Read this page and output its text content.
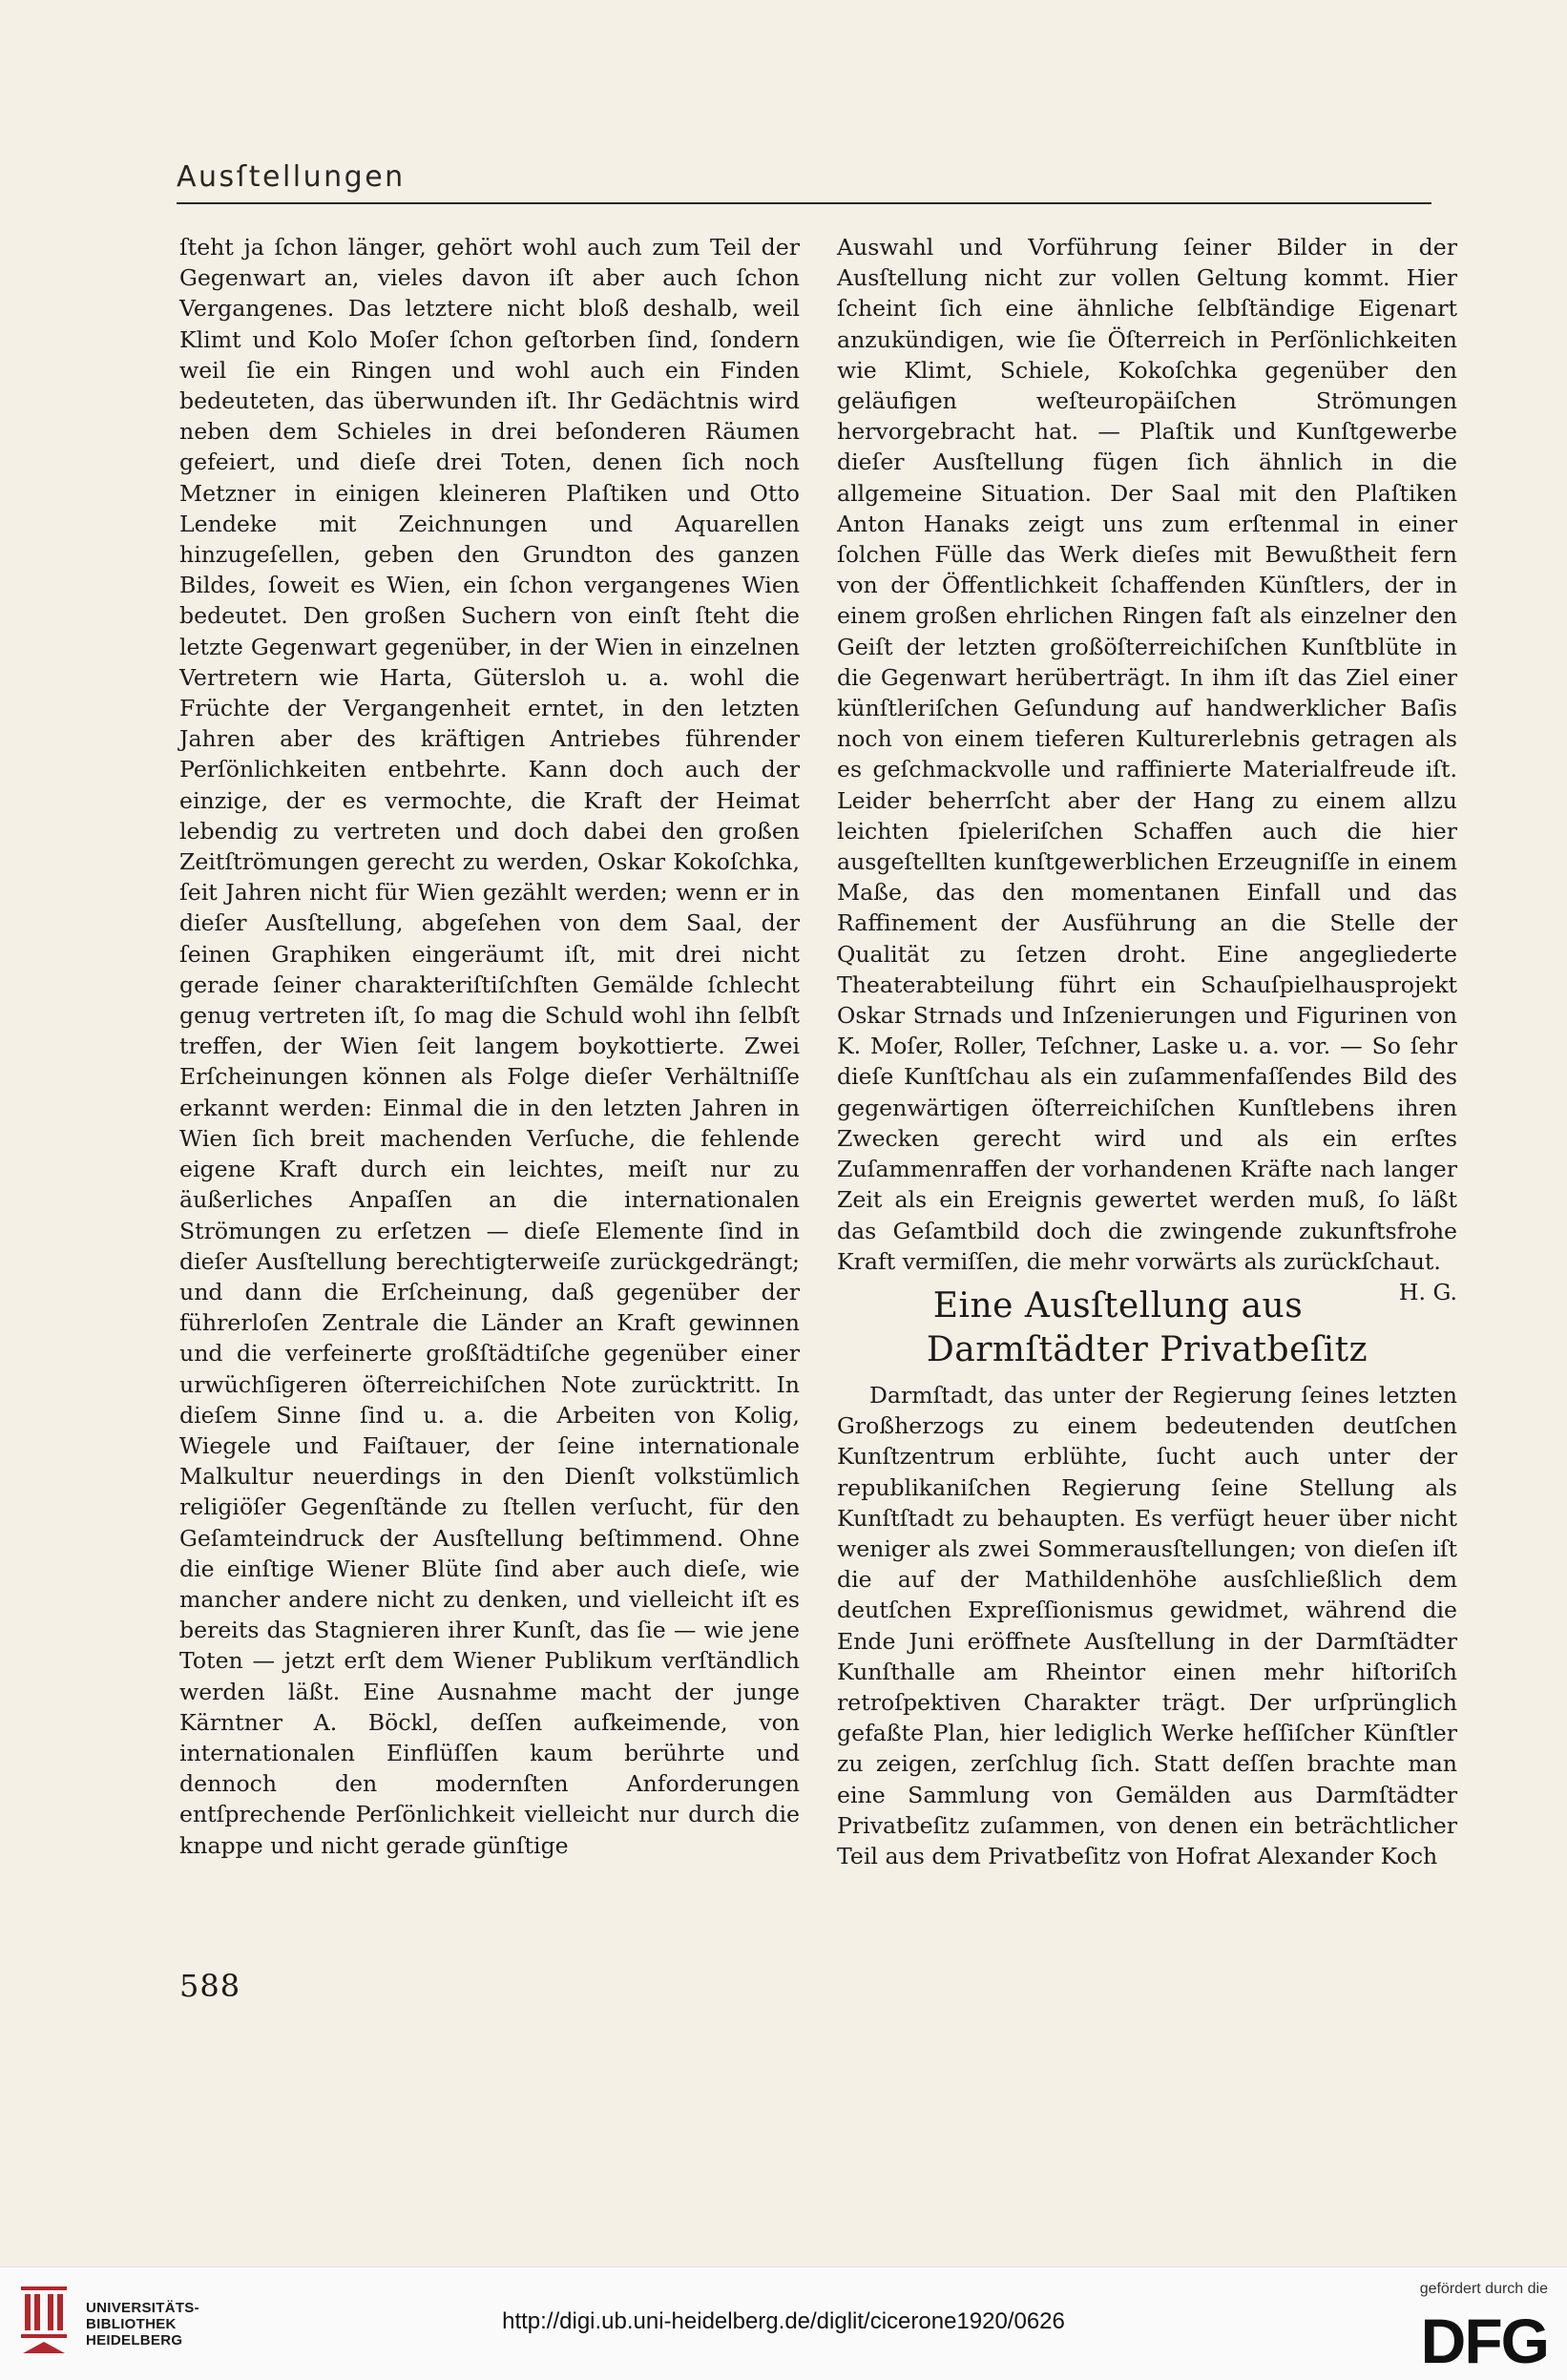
Ausſtellungen

ſteht ja ſchon länger, gehört wohl auch zum Teil der Gegenwart an, vieles davon iſt aber auch ſchon Vergangenes. Das letztere nicht bloß deshalb, weil Klimt und Kolo Moſer ſchon geſtorben ſind, ſondern weil ſie ein Ringen und wohl auch ein Finden bedeuteten, das überwunden iſt. Ihr Gedächtnis wird neben dem Schieles in drei beſonderen Räumen gefeiert, und dieſe drei Toten, denen ſich noch Metzner in einigen kleineren Plaſtiken und Otto Lendeke mit Zeichnungen und Aquarellen hinzugeſellen, geben den Grundton des ganzen Bildes, ſoweit es Wien, ein ſchon vergangenes Wien bedeutet. Den großen Suchern von einſt ſteht die letzte Gegenwart gegenüber, in der Wien in einzelnen Vertretern wie Harta, Gütersloh u. a. wohl die Früchte der Vergangenheit erntet, in den letzten Jahren aber des kräftigen Antriebes führender Perſönlichkeiten entbehrte. Kann doch auch der einzige, der es vermochte, die Kraft der Heimat lebendig zu vertreten und doch dabei den großen Zeitſtrömungen gerecht zu werden, Oskar Kokoſchka, ſeit Jahren nicht für Wien gezählt werden; wenn er in dieſer Ausſtellung, abgeſehen von dem Saal, der ſeinen Graphiken eingeräumt iſt, mit drei nicht gerade ſeiner charakteriſtiſchſten Gemälde ſchlecht genug vertreten iſt, ſo mag die Schuld wohl ihn ſelbſt treffen, der Wien ſeit langem boykottierte. Zwei Erſcheinungen können als Folge dieſer Verhältniſſe erkannt werden: Einmal die in den letzten Jahren in Wien ſich breit machenden Verſuche, die fehlende eigene Kraft durch ein leichtes, meiſt nur zu äußerliches Anpaſſen an die internationalen Strömungen zu erſetzen — dieſe Elemente ſind in dieſer Ausſtellung berechtigterweiſe zurückgedrängt; und dann die Erſcheinung, daß gegenüber der führerloſen Zentrale die Länder an Kraft gewinnen und die verfeinerte großſtädtiſche gegenüber einer urwüchſigeren öſterreichiſchen Note zurücktritt. In dieſem Sinne ſind u. a. die Arbeiten von Kolig, Wiegele und Faiſtauer, der ſeine internationale Malkultur neuerdings in den Dienſt volkstümlich religiöſer Gegenſtände zu ſtellen verſucht, für den Geſamteindruck der Ausſtellung beſtimmend. Ohne die einſtige Wiener Blüte ſind aber auch dieſe, wie mancher andere nicht zu denken, und vielleicht iſt es bereits das Stagnieren ihrer Kunſt, das ſie — wie jene Toten — jetzt erſt dem Wiener Publikum verſtändlich werden läßt. Eine Ausnahme macht der junge Kärntner A. Böckl, deſſen aufkeimende, von internationalen Einflüſſen kaum berührte und dennoch den modernſten Anforderungen entſprechende Perſönlichkeit vielleicht nur durch die knappe und nicht gerade günſtige

Auswahl und Vorführung ſeiner Bilder in der Ausſtellung nicht zur vollen Geltung kommt. Hier ſcheint ſich eine ähnliche ſelbſtändige Eigenart anzukündigen, wie ſie Öſterreich in Perſönlichkeiten wie Klimt, Schiele, Kokoſchka gegenüber den geläufigen weſteuropäiſchen Strömungen hervorgebracht hat. — Plaſtik und Kunſtgewerbe dieſer Ausſtellung fügen ſich ähnlich in die allgemeine Situation. Der Saal mit den Plaſtiken Anton Hanaks zeigt uns zum erſtenmal in einer ſolchen Fülle das Werk dieſes mit Bewußtheit fern von der Öffentlichkeit ſchaffenden Künſtlers, der in einem großen ehrlichen Ringen faſt als einzelner den Geiſt der letzten großöſterreichiſchen Kunſtblüte in die Gegenwart herüberträgt. In ihm iſt das Ziel einer künſtleriſchen Geſundung auf handwerklicher Baſis noch von einem tieferen Kulturerlebnis getragen als es geſchmackvolle und raffinierte Materialfreude iſt. Leider beherrſcht aber der Hang zu einem allzu leichten ſpieleriſchen Schaffen auch die hier ausgeſtellten kunſtgewerblichen Erzeugniſſe in einem Maße, das den momentanen Einfall und das Raffinement der Ausführung an die Stelle der Qualität zu ſetzen droht. Eine angegliederte Theaterabteilung führt ein Schauſpielhausprojekt Oskar Strnads und Inſzenierungen und Figurinen von K. Moſer, Roller, Teſchner, Laske u. a. vor. — So ſehr dieſe Kunſtſchau als ein zuſammenfaſſendes Bild des gegenwärtigen öſterreichiſchen Kunſtlebens ihren Zwecken gerecht wird und als ein erſtes Zuſammenraffen der vorhandenen Kräfte nach langer Zeit als ein Ereignis gewertet werden muß, ſo läßt das Geſamtbild doch die zwingende zukunftsfrohe Kraft vermiſſen, die mehr vorwärts als zurückſchaut.
H. G.

Eine Ausſtellung aus Darmſtädter Privatbeſitz

Darmſtadt, das unter der Regierung ſeines letzten Großherzogs zu einem bedeutenden deutſchen Kunſtzentrum erblühte, ſucht auch unter der republikaniſchen Regierung ſeine Stellung als Kunſtſtadt zu behaupten. Es verfügt heuer über nicht weniger als zwei Sommerausſtellungen; von dieſen iſt die auf der Mathildenhöhe ausſchließlich dem deutſchen Expreſſionismus gewidmet, während die Ende Juni eröffnete Ausſtellung in der Darmſtädter Kunſthalle am Rheintor einen mehr hiſtoriſch retroſpektiven Charakter trägt. Der urſprünglich gefaßte Plan, hier lediglich Werke heſſiſcher Künſtler zu zeigen, zerſchlug ſich. Statt deſſen brachte man eine Sammlung von Gemälden aus Darmſtädter Privatbeſitz zuſammen, von denen ein beträchtlicher Teil aus dem Privatbeſitz von Hofrat Alexander Koch

588
UNIVERSITÄTS-
BIBLIOTHEK
HEIDELBERG
http://digi.ub.uni-heidelberg.de/diglit/cicerone1920/0626
gefördert durch die
DFG
